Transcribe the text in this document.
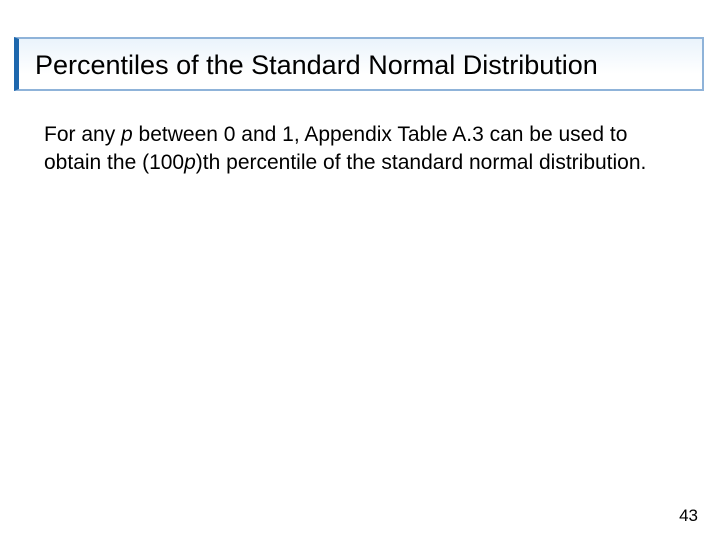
Percentiles of the Standard Normal Distribution
For any p between 0 and 1, Appendix Table A.3 can be used to obtain the (100p)th percentile of the standard normal distribution.
43
